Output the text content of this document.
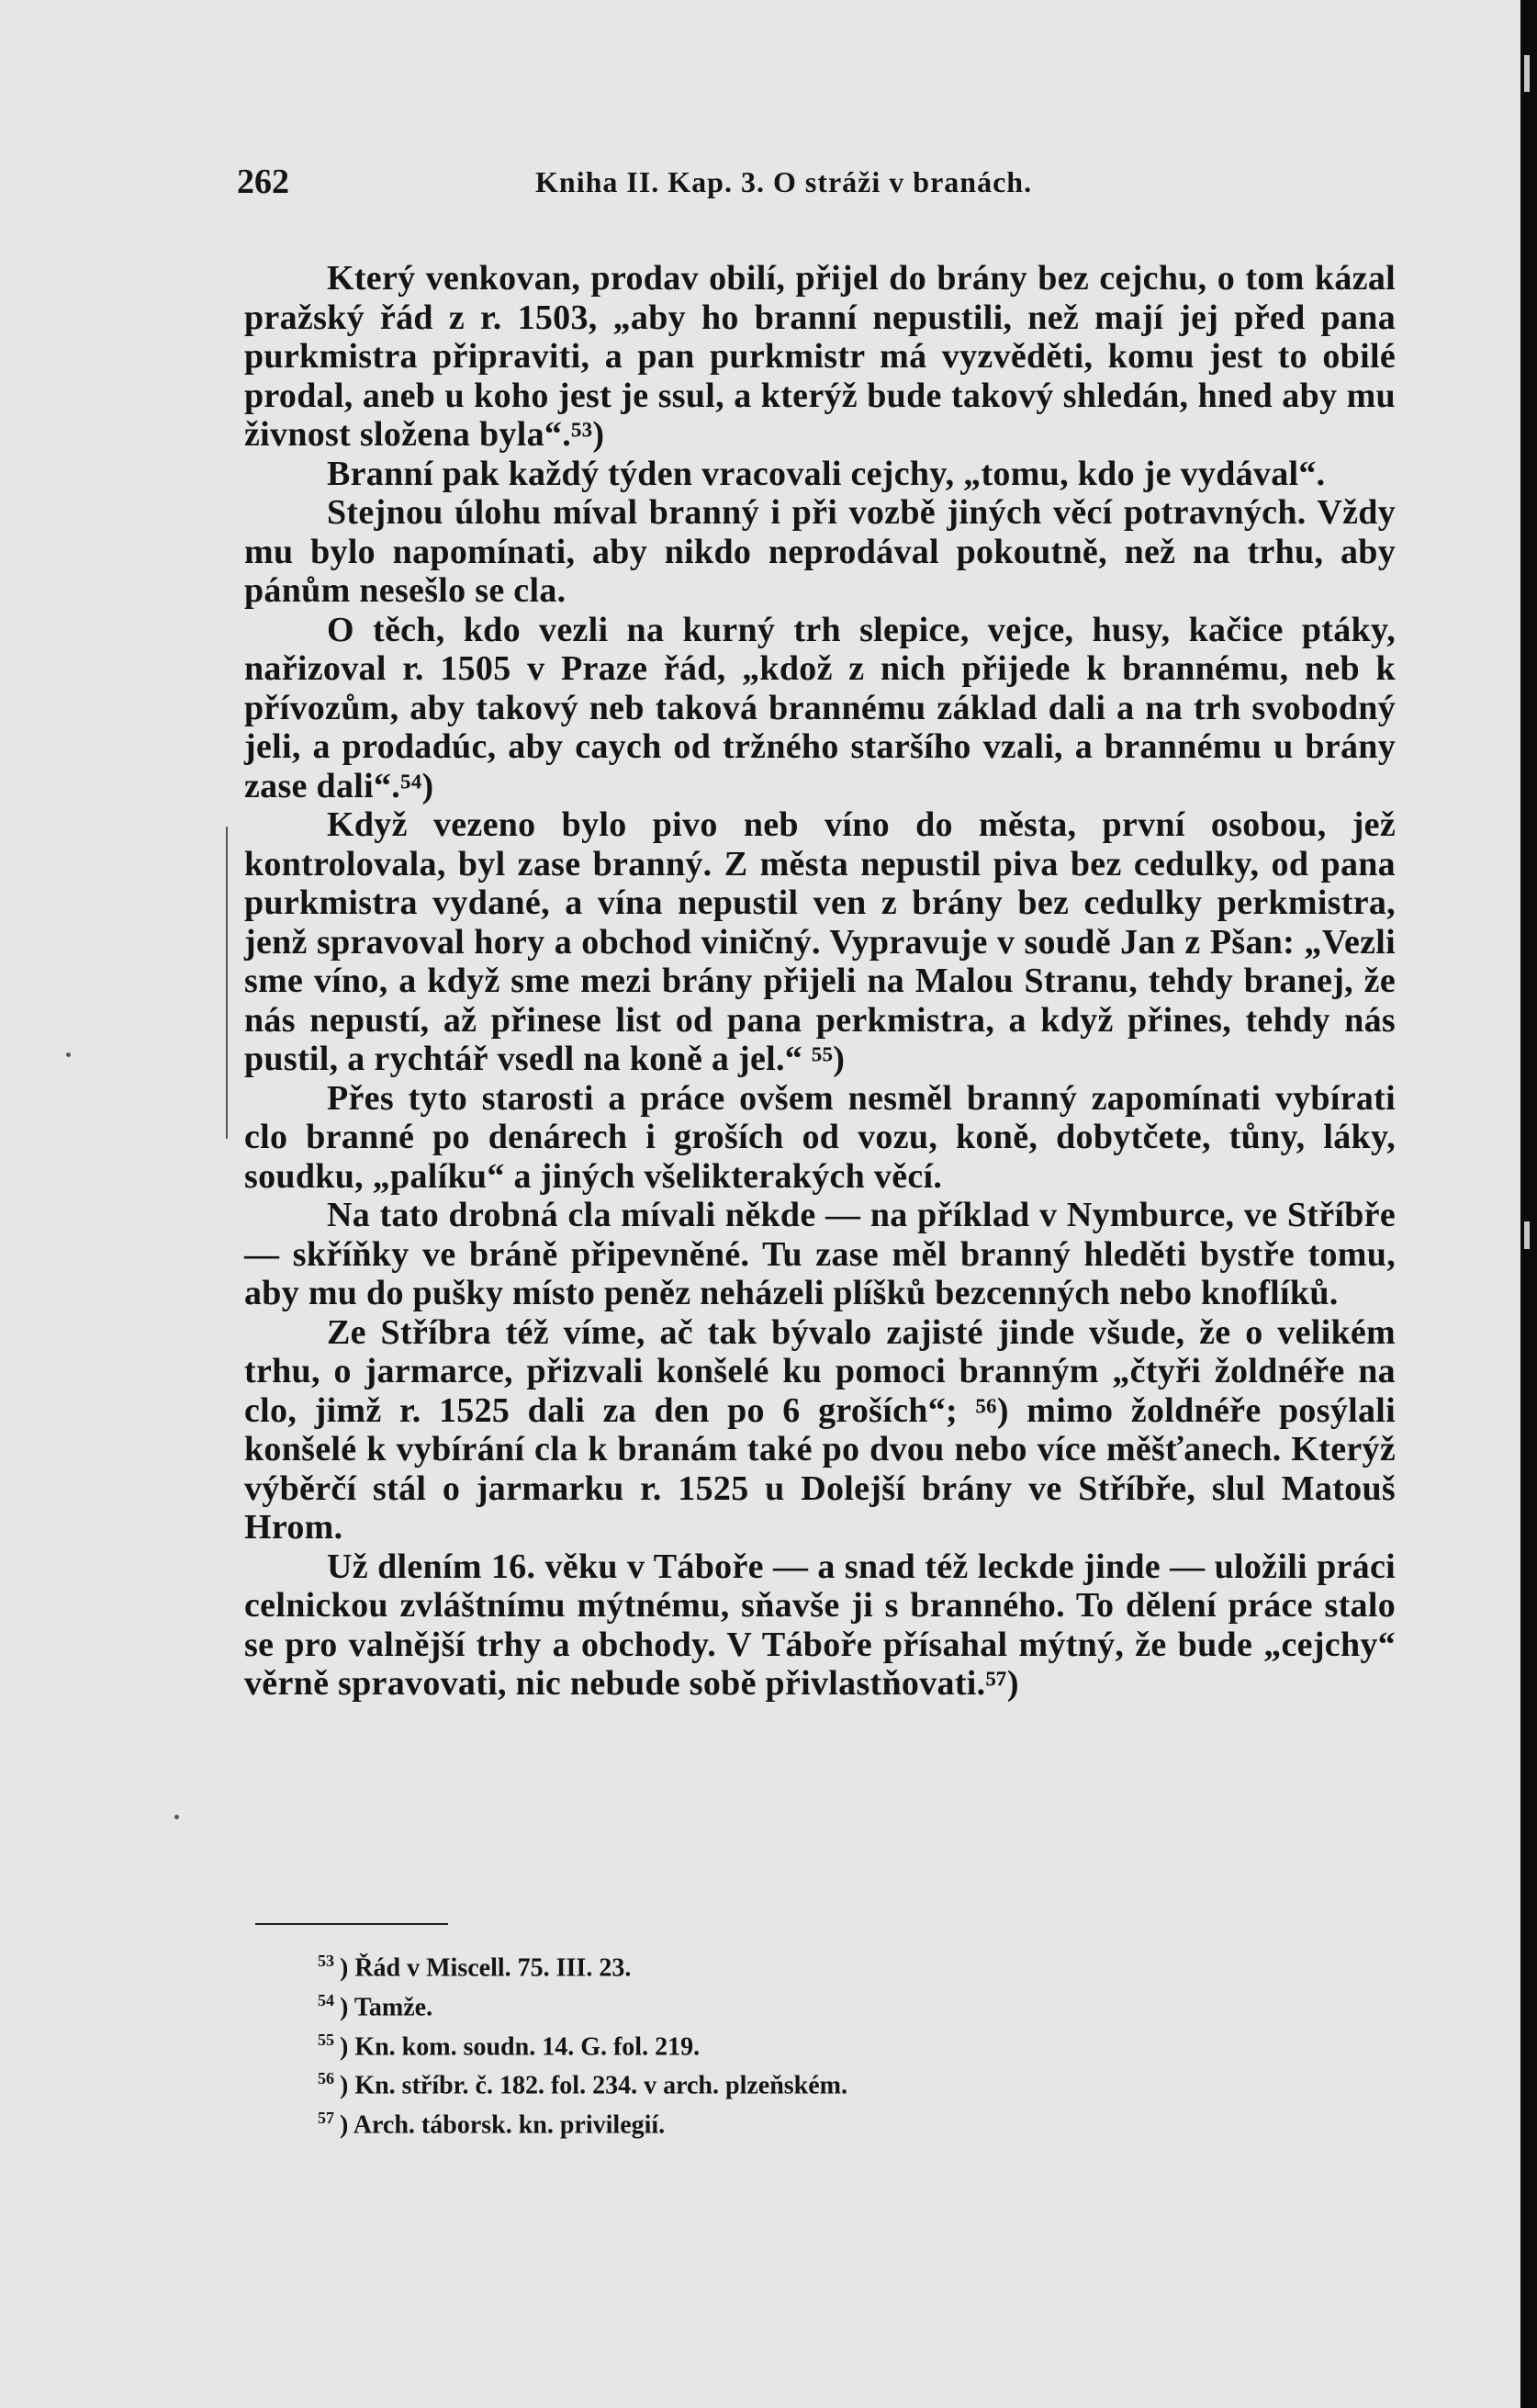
262	Kniha II. Kap. 3. O stráži v branách.

Který venkovan, prodav obilí, přijel do brány bez cejchu, o tom kázal pražský řád z r. 1503, „aby ho branní nepustili, než mají jej před pana purkmistra připraviti, a pan purkmistr má vyzvěděti, komu jest to obilé prodal, aneb u koho jest je ssul, a kterýž bude takový shledán, hned aby mu živnost složena byla“.⁵³)

Branní pak každý týden vracovali cejchy, „tomu, kdo je vydával“.

Stejnou úlohu míval branný i při vozbě jiných věcí potravných. Vždy mu bylo napomínati, aby nikdo neprodával pokoutně, než na trhu, aby pánům nesešlo se cla.

O těch, kdo vezli na kurný trh slepice, vejce, husy, kačice ptáky, nařizoval r. 1505 v Praze řád, „kdož z nich přijede k brannému, neb k přívozům, aby takový neb taková brannému základ dali a na trh svobodný jeli, a prodadúc, aby caych od tržného staršího vzali, a brannému u brány zase dali“.⁵⁴)

Když vezeno bylo pivo neb víno do města, první osobou, jež kontrolovala, byl zase branný. Z města nepustil piva bez cedulky, od pana purkmistra vydané, a vína nepustil ven z brány bez cedulky perkmistra, jenž spravoval hory a obchod viničný. Vypravuje v soudě Jan z Pšan: „Vezli sme víno, a když sme mezi brány přijeli na Malou Stranu, tehdy branej, že nás nepustí, až přinese list od pana perkmistra, a když přines, tehdy nás pustil, a rychtář vsedl na koně a jel.“ ⁵⁵)

Přes tyto starosti a práce ovšem nesměl branný zapomínati vybírati clo branné po denárech i groších od vozu, koně, dobytčete, tůny, láky, soudku, „palíku“ a jiných všelikterakých věcí.

Na tato drobná cla mívali někde — na příklad v Nymburce, ve Stříbře — skříňky ve bráně připevněné. Tu zase měl branný hleděti bystře tomu, aby mu do pušky místo peněz neházeli plíšků bezcenných nebo knoflíků.

Ze Stříbra též víme, ač tak bývalo zajisté jinde všude, že o velikém trhu, o jarmarce, přizvali konšelé ku pomoci branným „čtyři žoldnéře na clo, jimž r. 1525 dali za den po 6 groších“; ⁵⁶) mimo žoldnéře posýlali konšelé k vybírání cla k branám také po dvou nebo více měšťanech. Kterýž výběrčí stál o jarmarku r. 1525 u Dolejší brány ve Stříbře, slul Matouš Hrom.

Už dlením 16. věku v Táboře — a snad též leckde jinde — uložili práci celnickou zvláštnímu mýtnému, sňavše ji s branného. To dělení práce stalo se pro valnější trhy a obchody. V Táboře přísahal mýtný, že bude „cejchy“ věrně spravovati, nic nebude sobě přivlastňovati.⁵⁷)

$^{53}$ ) Řád v Miscell. 75. III. 23.
$^{54}$ ) Tamže.
$^{55}$ ) Kn. kom. soudn. 14. G. fol. 219.
$^{56}$ ) Kn. stříbr. č. 182. fol. 234. v arch. plzeňském.
$^{57}$ ) Arch. táborsk. kn. privilegií.
